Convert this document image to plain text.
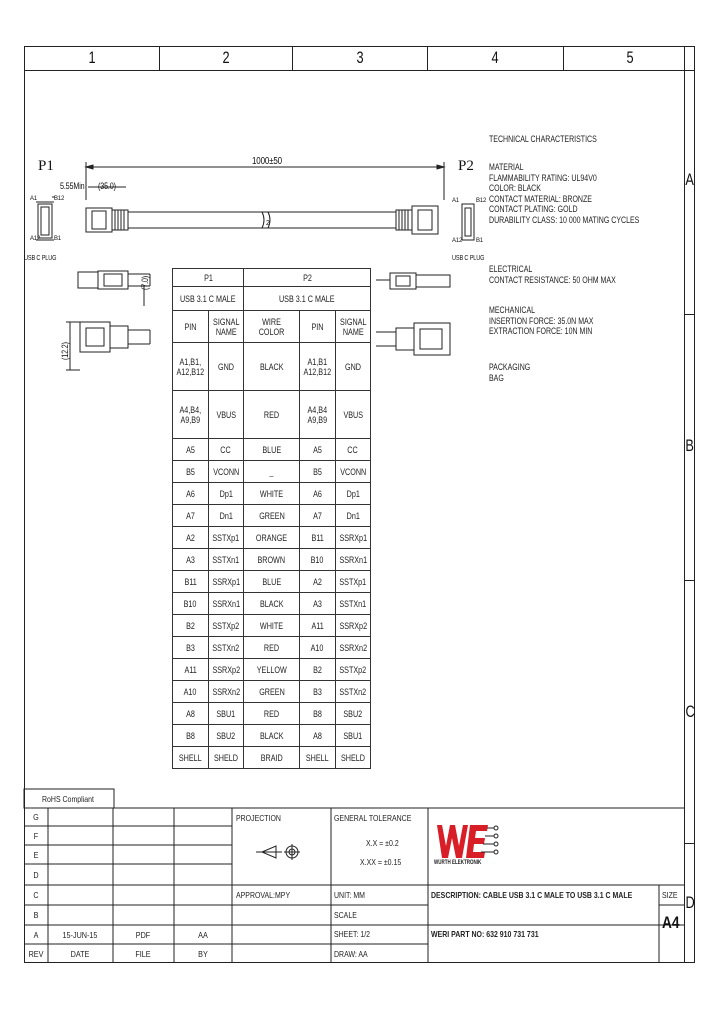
1	2	3	4	5
A
B
C
D
P1	P2
1000±50
5.55Min (35.0)
(7.0)
(12.2)
USB C PLUG	USB C PLUG
A1
A12
B12
B1
A1
A12
B12
B1
2
TECHNICAL CHARACTERISTICS
MATERIAL
FLAMMABILITY RATING: UL94V0
COLOR: BLACK
CONTACT MATERIAL: BRONZE
CONTACT PLATING: GOLD
DURABILITY CLASS: 10 000 MATING CYCLES
ELECTRICAL
CONTACT RESISTANCE: 50 OHM MAX
MECHANICAL
INSERTION FORCE: 35.0N MAX
EXTRACTION FORCE: 10N MIN
PACKAGING
BAG
P1		P2		
USB 3.1 C MALE		USB 3.1 C MALE		
PIN	SIGNAL NAME	WIRE COLOR	PIN	SIGNAL NAME
A1,B1, A12,B12	GND	BLACK	A1,B1 A12,B12	GND
A4,B4, A9,B9	VBUS	RED	A4,B4 A9,B9	VBUS
A5	CC	BLUE	A5	CC
B5	VCONN	_	B5	VCONN
A6	Dp1	WHITE	A6	Dp1
A7	Dn1	GREEN	A7	Dn1
A2	SSTXp1	ORANGE	B11	SSRXp1
A3	SSTXn1	BROWN	B10	SSRXn1
B11	SSRXp1	BLUE	A2	SSTXp1
B10	SSRXn1	BLACK	A3	SSTXn1
B2	SSTXp2	WHITE	A11	SSRXp2
B3	SSTXn2	RED	A10	SSRXn2
A11	SSRXp2	YELLOW	B2	SSTXp2
A10	SSRXn2	GREEN	B3	SSTXn2
A8	SBU1	RED	B8	SBU2
B8	SBU2	BLACK	A8	SBU1
SHELL	SHELD	BRAID	SHELL	SHELD
RoHS Compliant
G
F
E
D
C
B
A	15-JUN-15	PDF	AA
REV	DATE	FILE	BY
PROJECTION	GENERAL TOLERANCE
X.X = ±0.2
X.XX = ±0.15	WÜRTH ELEKTRONIK
APPROVAL:MPY	UNIT: MM
SCALE
SHEET: 1/2
DRAW: AA
DESCRIPTION: CABLE USB 3.1 C MALE TO USB 3.1 C MALE
WERI PART NO: 632 910 731 731
SIZE
A4
